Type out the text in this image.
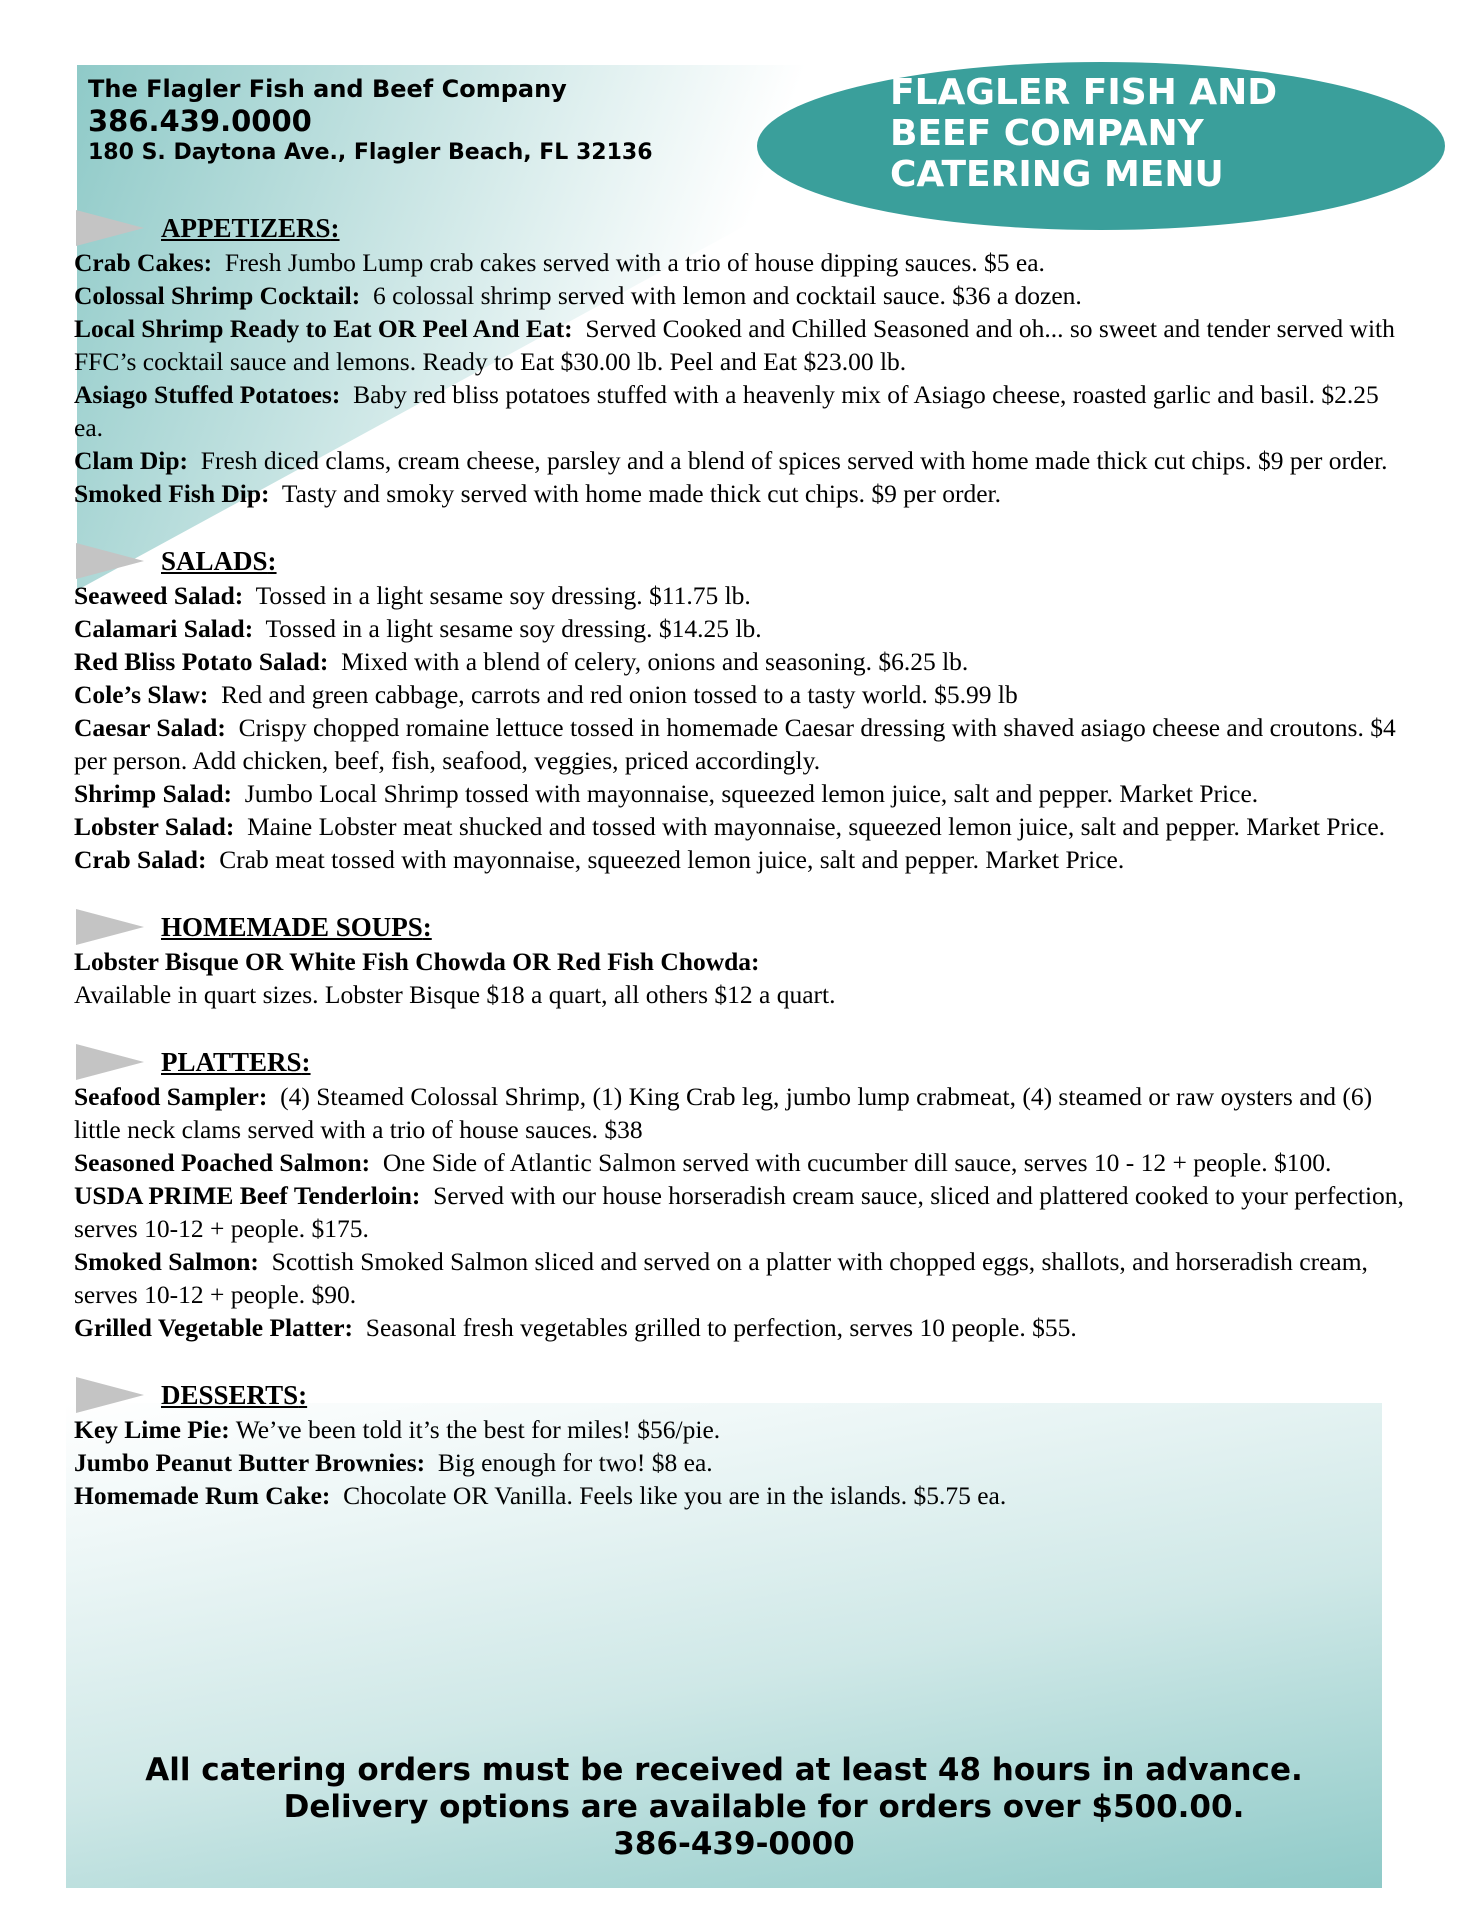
The Flagler Fish and Beef Company
386.439.0000
180 S. Daytona Ave., Flagler Beach, FL 32136
FLAGLER FISH AND
BEEF COMPANY
CATERING MENU
APPETIZERS:

Crab Cakes: Fresh Jumbo Lump crab cakes served with a trio of house dipping sauces. $5 ea.

Colossal Shrimp Cocktail: 6 colossal shrimp served with lemon and cocktail sauce. $36 a dozen.

Local Shrimp Ready to Eat OR Peel And Eat: Served Cooked and Chilled Seasoned and oh... so sweet and tender served with FFC’s cocktail sauce and lemons. Ready to Eat $30.00 lb. Peel and Eat $23.00 lb.

Asiago Stuffed Potatoes: Baby red bliss potatoes stuffed with a heavenly mix of Asiago cheese, roasted garlic and basil. $2.25 ea.

Clam Dip: Fresh diced clams, cream cheese, parsley and a blend of spices served with home made thick cut chips. $9 per order.

Smoked Fish Dip: Tasty and smoky served with home made thick cut chips. $9 per order.

SALADS:

Seaweed Salad: Tossed in a light sesame soy dressing. $11.75 lb.

Calamari Salad: Tossed in a light sesame soy dressing. $14.25 lb.

Red Bliss Potato Salad: Mixed with a blend of celery, onions and seasoning. $6.25 lb.

Cole’s Slaw: Red and green cabbage, carrots and red onion tossed to a tasty world. $5.99 lb

Caesar Salad: Crispy chopped romaine lettuce tossed in homemade Caesar dressing with shaved asiago cheese and croutons. $4 per person. Add chicken, beef, fish, seafood, veggies, priced accordingly.

Shrimp Salad: Jumbo Local Shrimp tossed with mayonnaise, squeezed lemon juice, salt and pepper. Market Price.

Lobster Salad: Maine Lobster meat shucked and tossed with mayonnaise, squeezed lemon juice, salt and pepper. Market Price.

Crab Salad: Crab meat tossed with mayonnaise, squeezed lemon juice, salt and pepper. Market Price.

HOMEMADE SOUPS:

Lobster Bisque OR White Fish Chowda OR Red Fish Chowda:
Available in quart sizes. Lobster Bisque $18 a quart, all others $12 a quart.

PLATTERS:

Seafood Sampler: (4) Steamed Colossal Shrimp, (1) King Crab leg, jumbo lump crabmeat, (4) steamed or raw oysters and (6) little neck clams served with a trio of house sauces. $38

Seasoned Poached Salmon: One Side of Atlantic Salmon served with cucumber dill sauce, serves 10 - 12 + people. $100.

USDA PRIME Beef Tenderloin: Served with our house horseradish cream sauce, sliced and plattered cooked to your perfection, serves 10-12 + people. $175.

Smoked Salmon: Scottish Smoked Salmon sliced and served on a platter with chopped eggs, shallots, and horseradish cream, serves 10-12 + people. $90.

Grilled Vegetable Platter: Seasonal fresh vegetables grilled to perfection, serves 10 people. $55.

DESSERTS:

Key Lime Pie: We’ve been told it’s the best for miles! $56/pie.

Jumbo Peanut Butter Brownies: Big enough for two! $8 ea.

Homemade Rum Cake: Chocolate OR Vanilla. Feels like you are in the islands. $5.75 ea.

All catering orders must be received at least 48 hours in advance.
Delivery options are available for orders over $500.00.
386-439-0000
